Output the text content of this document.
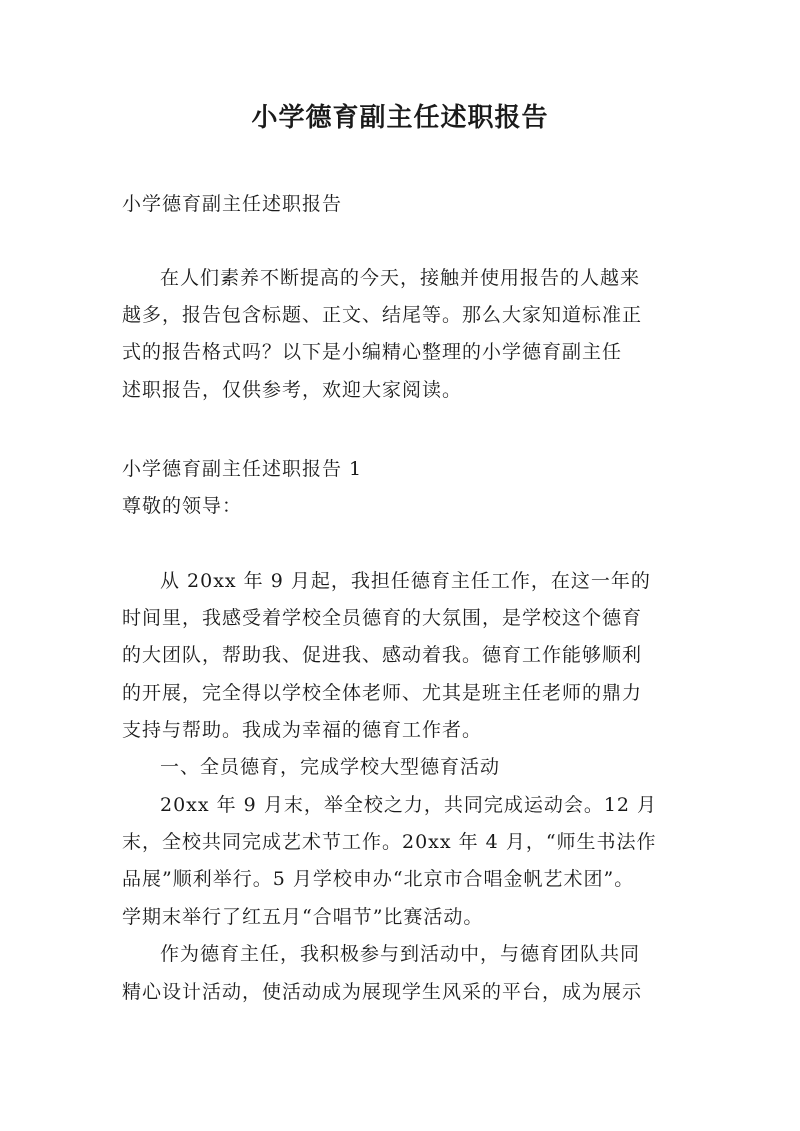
小学德育副主任述职报告
小学德育副主任述职报告
在人们素养不断提高的今天，接触并使用报告的人越来
越多，报告包含标题、正文、结尾等。那么大家知道标准正
式的报告格式吗？以下是小编精心整理的小学德育副主任
述职报告，仅供参考，欢迎大家阅读。
小学德育副主任述职报告 1
尊敬的领导：
从 20xx 年 9 月起，我担任德育主任工作，在这一年的
时间里，我感受着学校全员德育的大氛围，是学校这个德育
的大团队，帮助我、促进我、感动着我。德育工作能够顺利
的开展，完全得以学校全体老师、尤其是班主任老师的鼎力
支持与帮助。我成为幸福的德育工作者。
一、全员德育，完成学校大型德育活动
20xx 年 9 月末，举全校之力，共同完成运动会。12 月
末，全校共同完成艺术节工作。20xx 年 4 月，“师生书法作
品展”顺利举行。5 月学校申办“北京市合唱金帆艺术团”。
学期末举行了红五月“合唱节”比赛活动。
作为德育主任，我积极参与到活动中，与德育团队共同
精心设计活动，使活动成为展现学生风采的平台，成为展示
